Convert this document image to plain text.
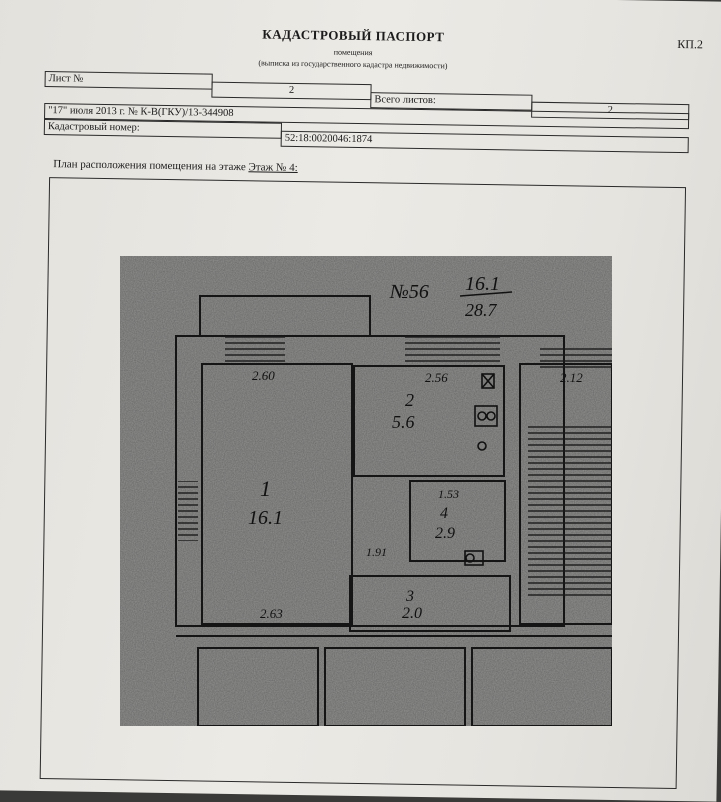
КП.2
КАДАСТРОВЫЙ ПАСПОРТ
помещения
(выписка из государственного кадастра недвижимости)
Лист №
2
Всего листов:
2
"17" июля 2013 г. № К-В(ГКУ)/13-344908
Кадастровый номер:
52:18:0020046:1874
План расположения помещения на этаже Этаж № 4:
№56 16.1
28.7
1
16.1
2
5.6
3
2.0
4
2.9
2.60	2.56	2.12
1.53
2.63
1.91
